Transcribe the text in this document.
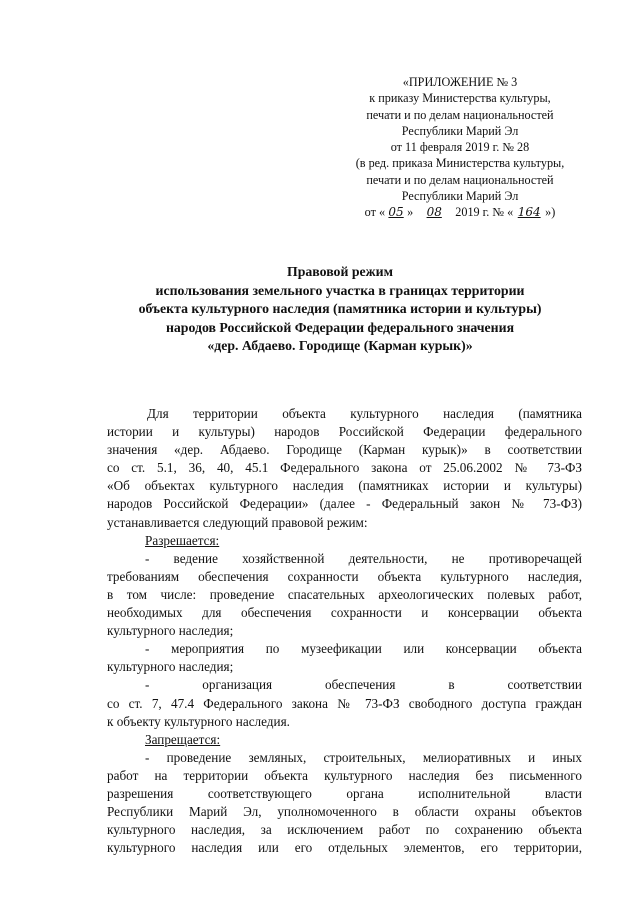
«ПРИЛОЖЕНИЕ № 3
к приказу Министерства культуры,
печати и по делам национальностей
Республики Марий Эл
от 11 февраля 2019 г. № 28
(в ред. приказа Министерства культуры,
печати и по делам национальностей
Республики Марий Эл
от « 05 » 08 2019 г. № « 164 »)
Правовой режим
использования земельного участка в границах территории
объекта культурного наследия (памятника истории и культуры)
народов Российской Федерации федерального значения
«дер. Абдаево. Городище (Карман курык)»
Для территории объекта культурного наследия (памятника
истории и культуры) народов Российской Федерации федерального
значения «дер. Абдаево. Городище (Карман курык)» в соответствии
со ст. 5.1, 36, 40, 45.1 Федерального закона от 25.06.2002 № 73-ФЗ
«Об объектах культурного наследия (памятниках истории и культуры)
народов Российской Федерации» (далее - Федеральный закон № 73-ФЗ)
устанавливается следующий правовой режим:
Разрешается:
- ведение хозяйственной деятельности, не противоречащей
требованиям обеспечения сохранности объекта культурного наследия,
в том числе: проведение спасательных археологических полевых работ,
необходимых для обеспечения сохранности и консервации объекта
культурного наследия;
- мероприятия по музеефикации или консервации объекта
культурного наследия;
- организация обеспечения в соответствии
со ст. 7, 47.4 Федерального закона № 73-ФЗ свободного доступа граждан
к объекту культурного наследия.
Запрещается:
- проведение земляных, строительных, мелиоративных и иных
работ на территории объекта культурного наследия без письменного
разрешения соответствующего органа исполнительной власти
Республики Марий Эл, уполномоченного в области охраны объектов
культурного наследия, за исключением работ по сохранению объекта
культурного наследия или его отдельных элементов, его территории,
